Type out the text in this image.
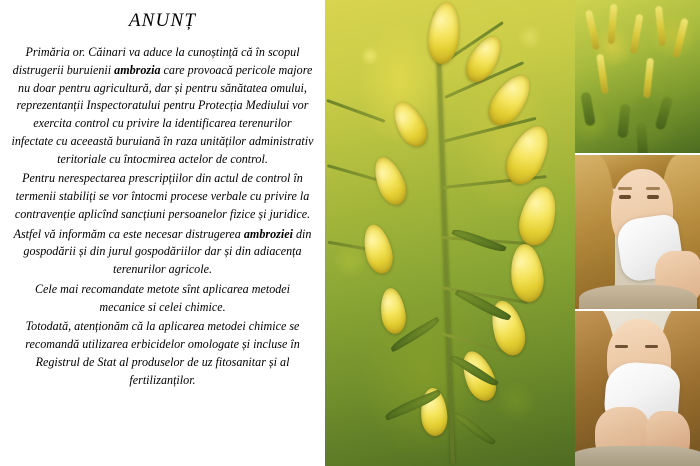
ANUNȚ

Primăria or. Căinari va aduce la cunoștință că în scopul distrugerii buruienii ambrozia care provoacă pericole majore nu doar pentru agricultură, dar și pentru sănătatea omului, reprezentanții Inspectoratului pentru Protecția Mediului vor exercita control cu privire la identificarea terenurilor infectate cu aceeastă buruiană în raza unităților administrativ teritoriale cu întocmirea actelor de control.

Pentru nerespectarea prescripțiilor din actul de control în termenii stabiliți se vor întocmi procese verbale cu privire la contravenție aplicînd sancțiuni persoanelor fizice și juridice.

Astfel vă informăm ca este necesar distrugerea ambroziei din gospodării și din jurul gospodăriilor dar și din adiacența terenurilor agricole.

Cele mai recomandate metote sînt aplicarea metodei mecanice si celei chimice.

Totodată, atenționăm că la aplicarea metodei chimice se recomandă utilizarea erbicidelor omologate și incluse în Registrul de Stat al produselor de uz fitosanitar și al fertilizanților.
